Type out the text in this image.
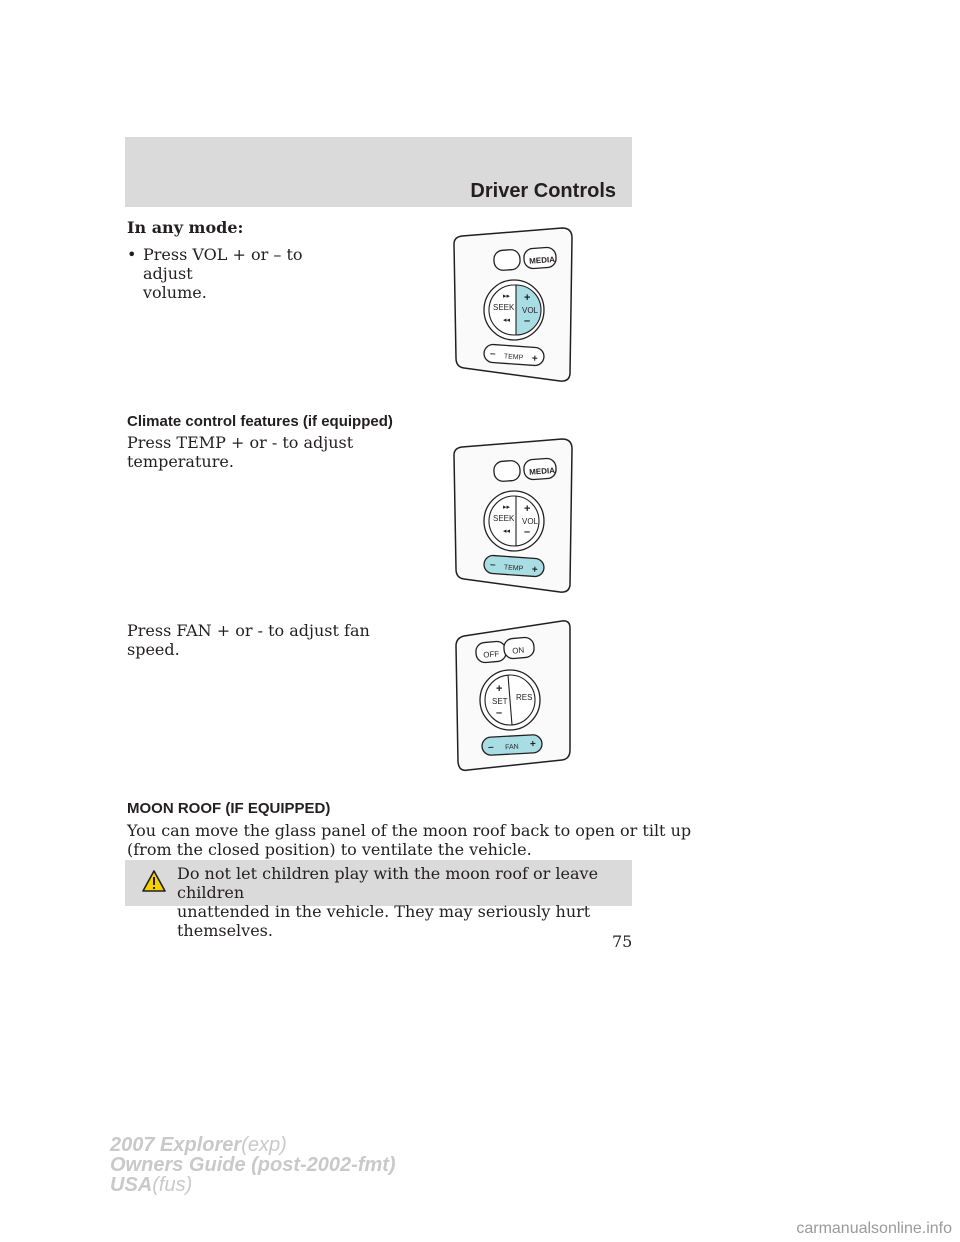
Driver Controls
In any mode:
• Press VOL + or – to adjust
volume.
MEDIA
SEEK
▸▸
◂◂
+
VOL
–
– TEMP +
Climate control features (if equipped)
Press TEMP + or - to adjust
temperature.
MEDIA
SEEK
▸▸
◂◂
+
VOL
–
– TEMP +
Press FAN + or - to adjust fan
speed.	OFF ON
+
SET
–
RES
– FAN +
MOON ROOF (IF EQUIPPED)
You can move the glass panel of the moon roof back to open or tilt up
(from the closed position) to ventilate the vehicle.
Do not let children play with the moon roof or leave children
unattended in the vehicle. They may seriously hurt themselves.
75
2007 Explorer(exp)
Owners Guide (post-2002-fmt)
USA(fus)
carmanualsonline.info
